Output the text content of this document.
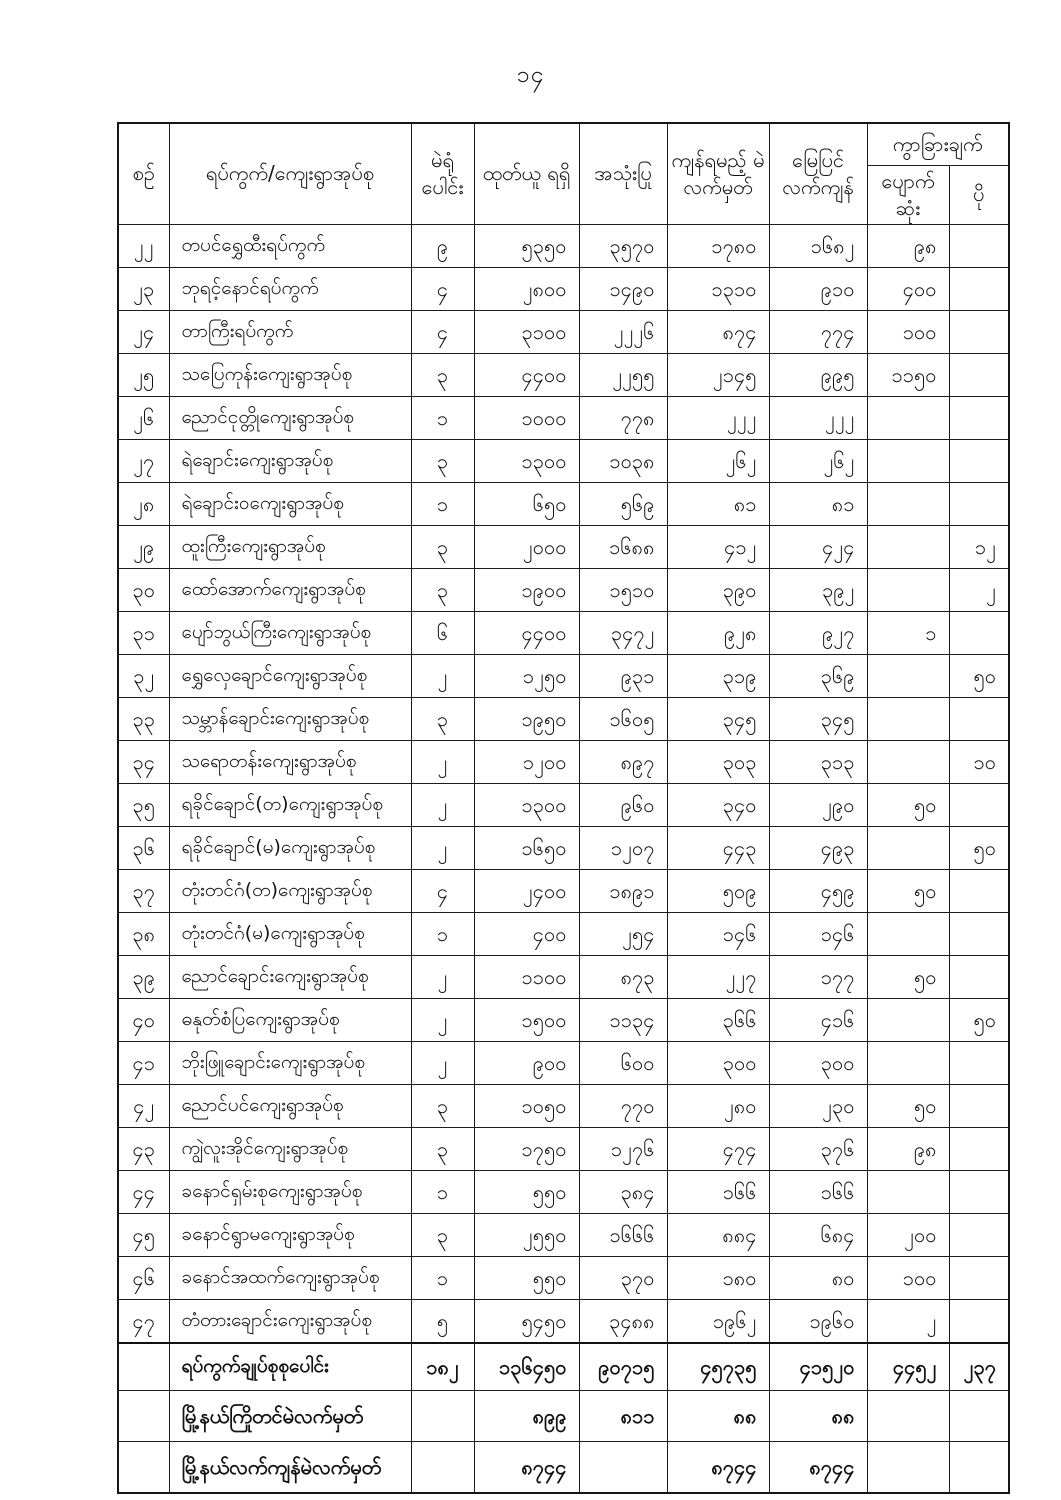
၁၄
စဉ်	ရပ်ကွက်/ကျေးရွာအုပ်စု	မဲရုံ ပေါင်း	ထုတ်ယူ ရရှိ	အသုံးပြု	ကျန်ရမည့် မဲလက်မှတ်	မြေပြင် လက်ကျန်	ကွာခြားချက်	
							ပျောက် ဆုံး	ပို
၂၂	တပင်ရွှေထီးရပ်ကွက်	၉	၅၃၅၀	၃၅၇၀	၁၇၈၀	၁၆၈၂	၉၈	
၂၃	ဘုရင့်နောင်ရပ်ကွက်	၄	၂၈၀၀	၁၄၉၀	၁၃၁၀	၉၁၀	၄၀၀	
၂၄	တာကြီးရပ်ကွက်	၄	၃၁၀၀	၂၂၂၆	၈၇၄	၇၇၄	၁၀၀	
၂၅	သပြေကုန်းကျေးရွာအုပ်စု	၃	၄၄၀၀	၂၂၅၅	၂၁၄၅	၉၉၅	၁၁၅၀	
၂၆	ညောင်ငုတ္တိုကျေးရွာအုပ်စု	၁	၁၀၀၀	၇၇၈	၂၂၂	၂၂၂		
၂၇	ရဲချောင်းကျေးရွာအုပ်စု	၃	၁၃၀၀	၁၀၃၈	၂၆၂	၂၆၂		
၂၈	ရဲချောင်းဝကျေးရွာအုပ်စု	၁	၆၅၀	၅၆၉	၈၁	၈၁		
၂၉	ထူးကြီးကျေးရွာအုပ်စု	၃	၂၀၀၀	၁၆၈၈	၄၁၂	၄၂၄		၁၂
၃၀	ထော်အောက်ကျေးရွာအုပ်စု	၃	၁၉၀၀	၁၅၁၀	၃၉၀	၃၉၂		၂
၃၁	ပျော်ဘွယ်ကြီးကျေးရွာအုပ်စု	၆	၄၄၀၀	၃၄၇၂	၉၂၈	၉၂၇	၁	
၃၂	ရွှေလှေချောင်ကျေးရွာအုပ်စု	၂	၁၂၅၀	၉၃၁	၃၁၉	၃၆၉		၅၀
၃၃	သမ္ဘာန်ချောင်းကျေးရွာအုပ်စု	၃	၁၉၅၀	၁၆၀၅	၃၄၅	၃၄၅		
၃၄	သရောတန်းကျေးရွာအုပ်စု	၂	၁၂၀၀	၈၉၇	၃၀၃	၃၁၃		၁၀
၃၅	ရခိုင်ချောင်(တ)ကျေးရွာအုပ်စု	၂	၁၃၀၀	၉၆၀	၃၄၀	၂၉၀	၅၀	
၃၆	ရခိုင်ချောင်(မ)ကျေးရွာအုပ်စု	၂	၁၆၅၀	၁၂၀၇	၄၄၃	၄၉၃		၅၀
၃၇	တုံးတင်ဂံ(တ)ကျေးရွာအုပ်စု	၄	၂၄၀၀	၁၈၉၁	၅၀၉	၄၅၉	၅၀	
၃၈	တုံးတင်ဂံ(မ)ကျေးရွာအုပ်စု	၁	၄၀၀	၂၅၄	၁၄၆	၁၄၆		
၃၉	ညောင်ချောင်းကျေးရွာအုပ်စု	၂	၁၁၀၀	၈၇၃	၂၂၇	၁၇၇	၅၀	
၄၀	ဓနုတ်စံပြကျေးရွာအုပ်စု	၂	၁၅၀၀	၁၁၃၄	၃၆၆	၄၁၆		၅၀
၄၁	ဘိုးဖြူချောင်းကျေးရွာအုပ်စု	၂	၉၀၀	၆၀၀	၃၀၀	၃၀၀		
၄၂	ညောင်ပင်ကျေးရွာအုပ်စု	၃	၁၀၅၀	၇၇၀	၂၈၀	၂၃၀	၅၀	
၄၃	ကျွဲလူးအိုင်ကျေးရွာအုပ်စု	၃	၁၇၅၀	၁၂၇၆	၄၇၄	၃၇၆	၉၈	
၄၄	ခနောင်ရှမ်းစုကျေးရွာအုပ်စု	၁	၅၅၀	၃၈၄	၁၆၆	၁၆၆		
၄၅	ခနောင်ရွာမကျေးရွာအုပ်စု	၃	၂၅၅၀	၁၆၆၆	၈၈၄	၆၈၄	၂၀၀	
၄၆	ခနောင်အထက်ကျေးရွာအုပ်စု	၁	၅၅၀	၃၇၀	၁၈၀	၈၀	၁၀၀	
၄၇	တံတားချောင်းကျေးရွာအုပ်စု	၅	၅၄၅၀	၃၄၈၈	၁၉၆၂	၁၉၆၀	၂	
	ရပ်ကွက်ချုပ်စုစုပေါင်း	၁၈၂	၁၃၆၄၅၀	၉၀၇၁၅	၄၅၇၃၅	၄၁၅၂၀	၄၄၅၂	၂၃၇
	မြို့နယ်ကြိုတင်မဲလက်မှတ်		၈၉၉	၈၁၁	၈၈	၈၈		
	မြို့နယ်လက်ကျန်မဲလက်မှတ်		၈၇၄၄		၈၇၄၄	၈၇၄၄		
